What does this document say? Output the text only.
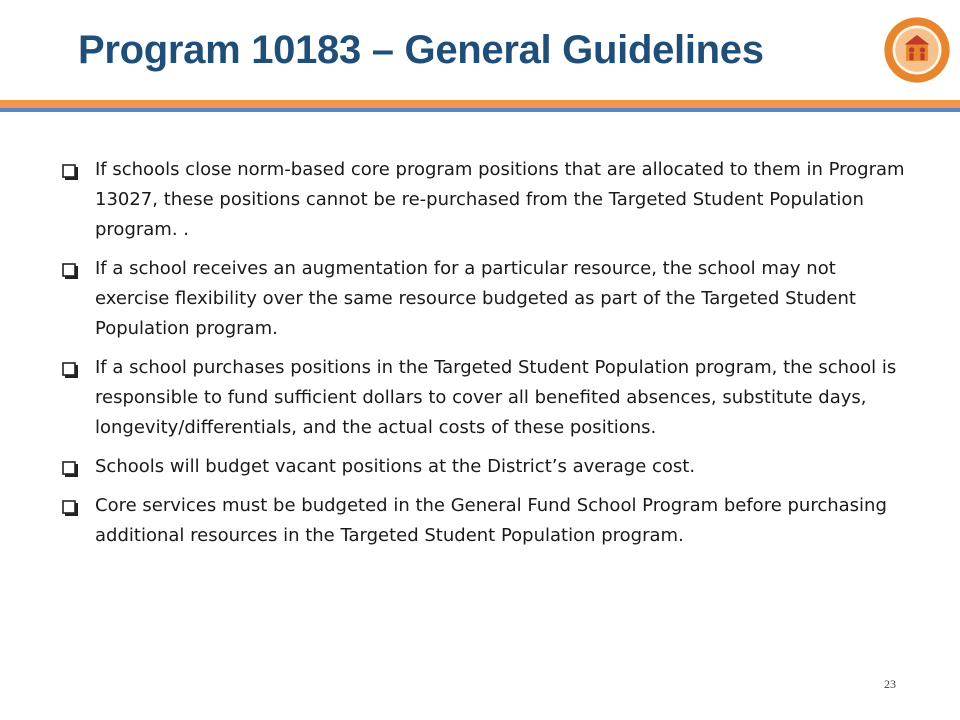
Program 10183 – General Guidelines
If schools close norm-based core program positions that are allocated to them in Program 13027, these positions cannot be re-purchased from the Targeted Student Population program. .
If a school receives an augmentation for a particular resource, the school may not exercise flexibility over the same resource budgeted as part of the Targeted Student Population program.
If a school purchases positions in the Targeted Student Population program, the school is responsible to fund sufficient dollars to cover all benefited absences, substitute days, longevity/differentials, and the actual costs of these positions.
Schools will budget vacant positions at the District’s average cost.
Core services must be budgeted in the General Fund School Program before purchasing additional resources in the Targeted Student Population program.
23
